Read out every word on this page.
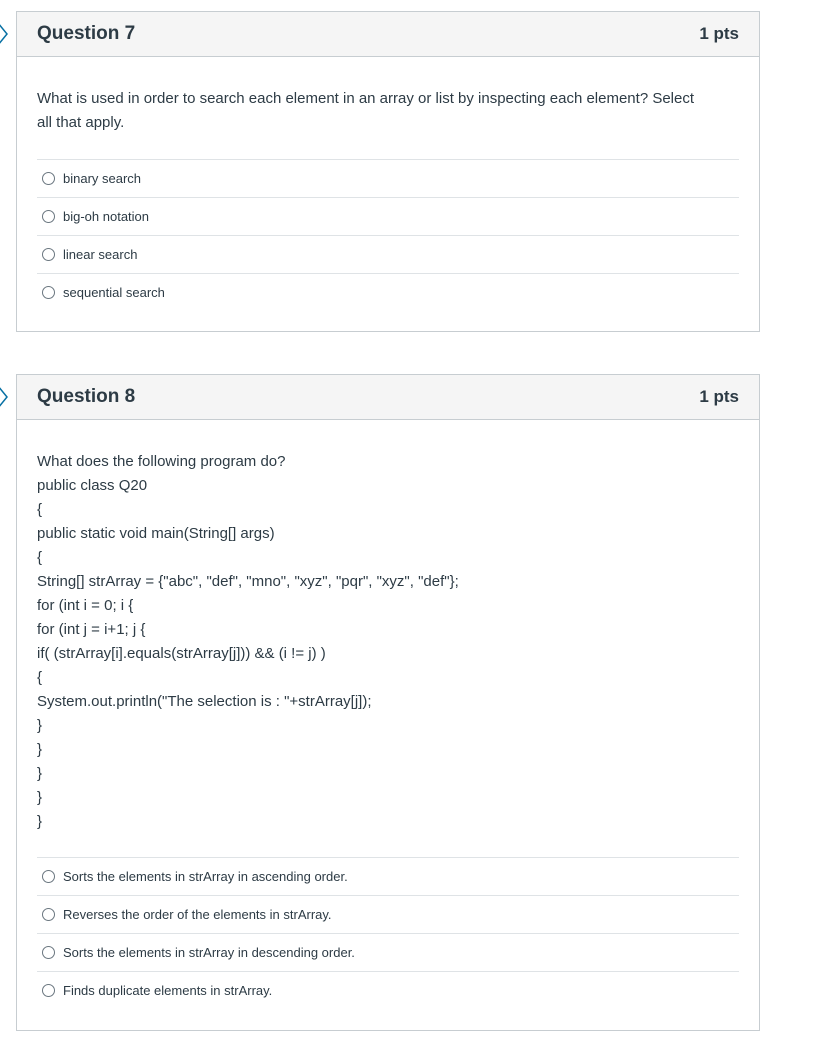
Question 7	1 pts
What is used in order to search each element in an array or list by inspecting each element? Select
all that apply.
binary search
big-oh notation
linear search
sequential search
Question 8	1 pts
What does the following program do?
public class Q20
{
public static void main(String[] args)
{
String[] strArray = {"abc", "def", "mno", "xyz", "pqr", "xyz", "def"};
for (int i = 0; i {
for (int j = i+1; j {
if( (strArray[i].equals(strArray[j])) && (i != j) )
{
System.out.println("The selection is : "+strArray[j]);
}
}
}
}
}
Sorts the elements in strArray in ascending order.
Reverses the order of the elements in strArray.
Sorts the elements in strArray in descending order.
Finds duplicate elements in strArray.
